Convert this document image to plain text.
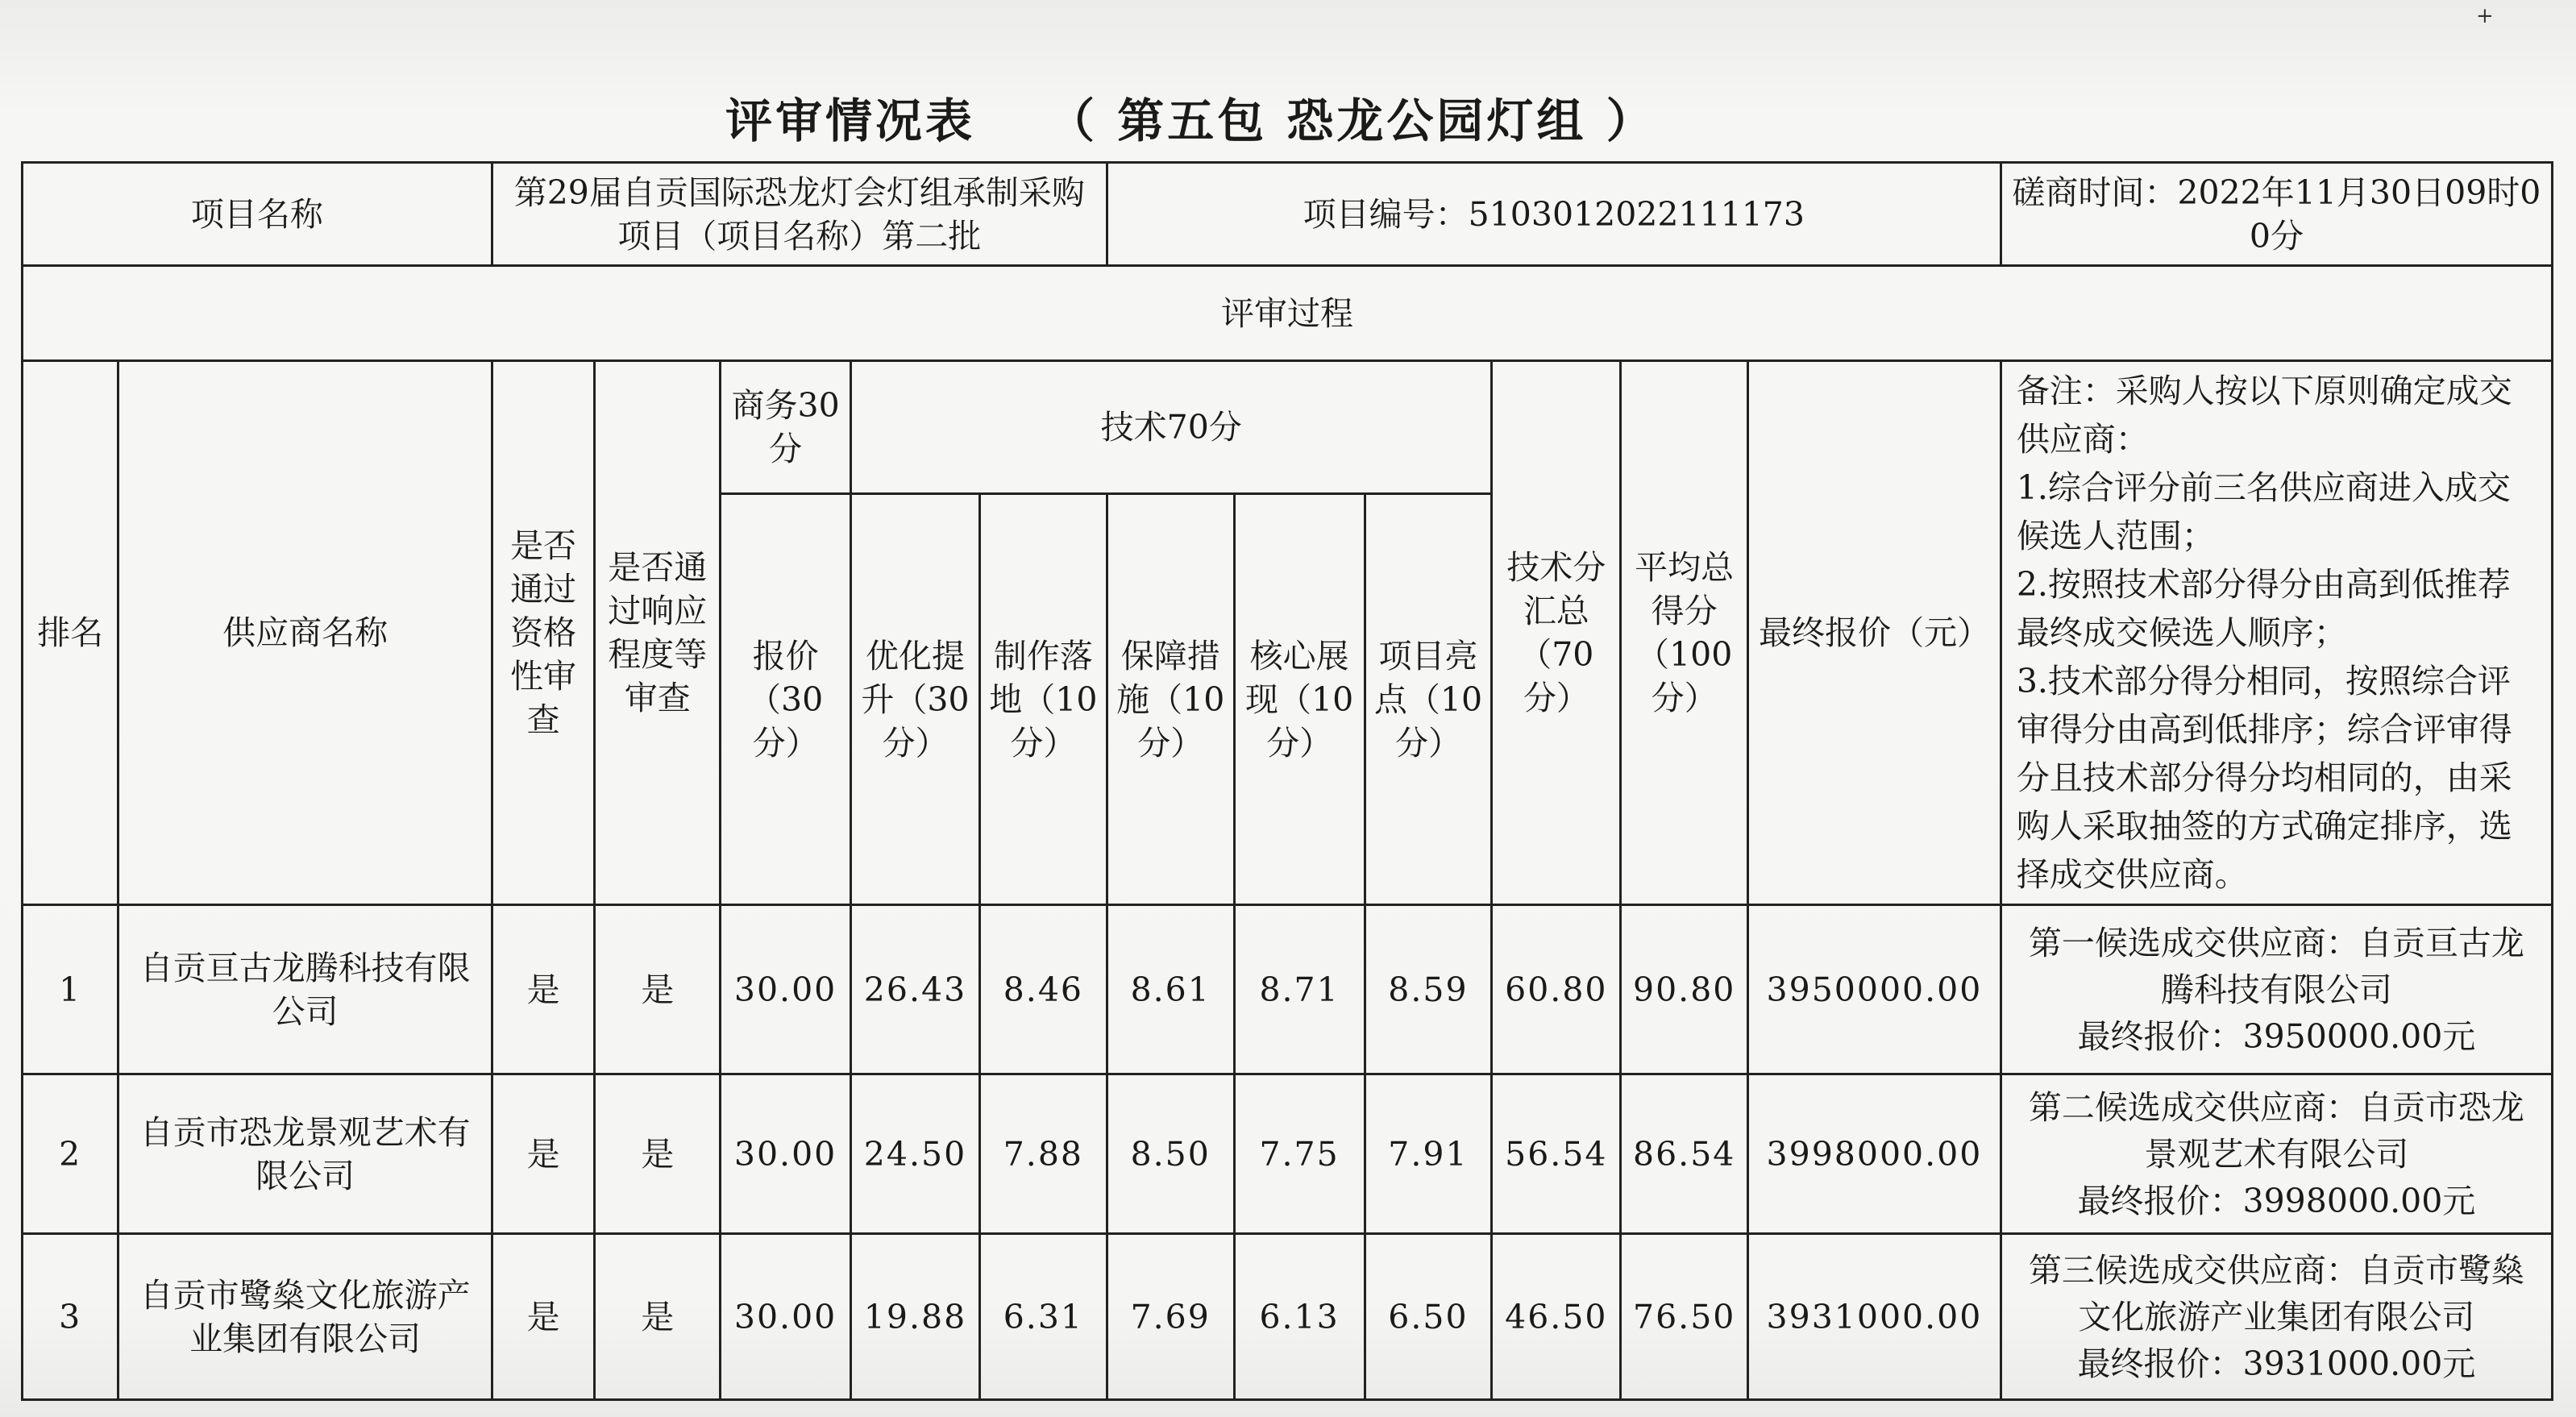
+
评审情况表 （ 第五包 恐龙公园灯组 ）
项目名称		第29届自贡国际恐龙灯会灯组承制采购项目（项目名称）第二批					项目编号：5103012022111173						磋商时间：2022年11月30日09时00分
评审过程													
排名	供应商名称	是否通过资格性审查	是否通过响应程度等审查	商务30分	技术70分					技术分汇总（70分）	平均总得分（100分）	最终报价（元）	备注：采购人按以下原则确定成交供应商：
1.综合评分前三名供应商进入成交候选人范围；
2.按照技术部分得分由高到低推荐最终成交候选人顺序；
3.技术部分得分相同，按照综合评审得分由高到低排序；综合评审得分且技术部分得分均相同的，由采购人采取抽签的方式确定排序，选择成交供应商。

				报价（30分）	优化提升（30分）	制作落地（10分）	保障措施（10分）	核心展现（10分）	项目亮点（10分）				
1	自贡亘古龙腾科技有限公司	是	是	30.00	26.43	8.46	8.61	8.71	8.59	60.80	90.80	3950000.00	第一候选成交供应商：自贡亘古龙腾科技有限公司
最终报价：3950000.00元

2	自贡市恐龙景观艺术有限公司	是	是	30.00	24.50	7.88	8.50	7.75	7.91	56.54	86.54	3998000.00	第二候选成交供应商：自贡市恐龙景观艺术有限公司
最终报价：3998000.00元

3	自贡市鹭燊文化旅游产业集团有限公司	是	是	30.00	19.88	6.31	7.69	6.13	6.50	46.50	76.50	3931000.00	第三候选成交供应商：自贡市鹭燊文化旅游产业集团有限公司
最终报价：3931000.00元
